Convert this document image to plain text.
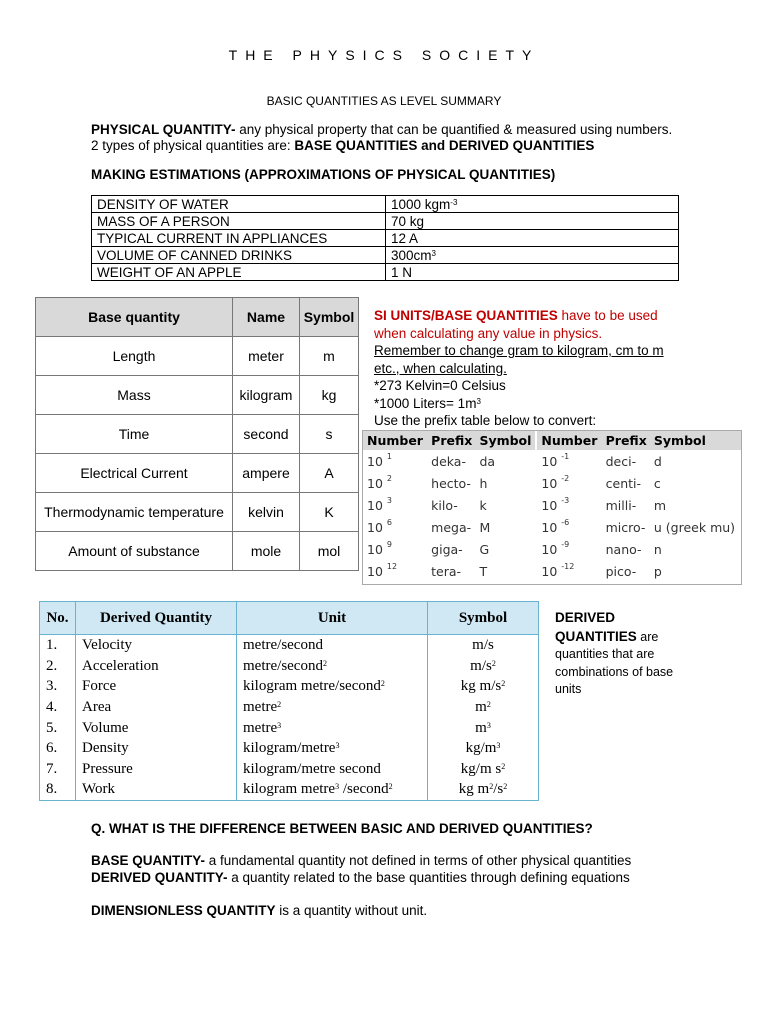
THE PHYSICS SOCIETY
BASIC QUANTITIES AS LEVEL SUMMARY
PHYSICAL QUANTITY- any physical property that can be quantified & measured using numbers. 2 types of physical quantities are: BASE QUANTITIES and DERIVED QUANTITIES
MAKING ESTIMATIONS (APPROXIMATIONS OF PHYSICAL QUANTITIES)
DENSITY OF WATER	1000 kgm$^{-3}$
MASS OF A PERSON	70 kg
TYPICAL CURRENT IN APPLIANCES	12 A
VOLUME OF CANNED DRINKS	$300cm^3$
WEIGHT OF AN APPLE	1 N
Base quantity	Name	Symbol
Length	meter	m
Mass	kilogram	kg
Time	second	s
Electrical Current	ampere	A
Thermodynamic temperature	kelvin	K
Amount of substance	mole	mol
SI UNITS/BASE QUANTITIES have to be used when calculating any value in physics.
Remember to change gram to kilogram, cm to m etc., when calculating.
*273 Kelvin=0 Celsius
*1000 Liters= $1m^3$
Use the prefix table below to convert:
Number	Prefix	Symbol	Number	Prefix	Symbol
10 $^1$	deka-	da	10 $^{-1}$	deci-	d
10 $^2$	hecto-	h	10 $^{-2}$	centi-	c
10 $^3$	kilo-	k	10 $^{-3}$	milli-	m
10 $^6$	mega-	M	10 $^{-6}$	micro-	u (greek mu)
10 $^9$	giga-	G	10 $^{-9}$	nano-	n
10 $^{12}$	tera-	T	10 $^{-12}$	pico-	p
No.	Derived Quantity	Unit	Symbol
1.	Velocity	metre/second	m/s
2.	Acceleration	metre/second$^2$	$m/s^2$
3.	Force	kilogram metre/second$^2$	kg $m/s^2$
4.	Area	metre$^2$	$m^2$
5.	Volume	metre$^3$	$m^3$
6.	Density	kilogram/metre$^3$	$kg/m^3$
7.	Pressure	kilogram/metre second	kg/m $s^2$
8.	Work	kilogram metre$^3$ /second$^2$	kg $m^2/s^2$
DERIVED QUANTITIES are quantities that are combinations of base units
Q. WHAT IS THE DIFFERENCE BETWEEN BASIC AND DERIVED QUANTITIES?
BASE QUANTITY- a fundamental quantity not defined in terms of other physical quantities
DERIVED QUANTITY- a quantity related to the base quantities through defining equations
DIMENSIONLESS QUANTITY is a quantity without unit.
